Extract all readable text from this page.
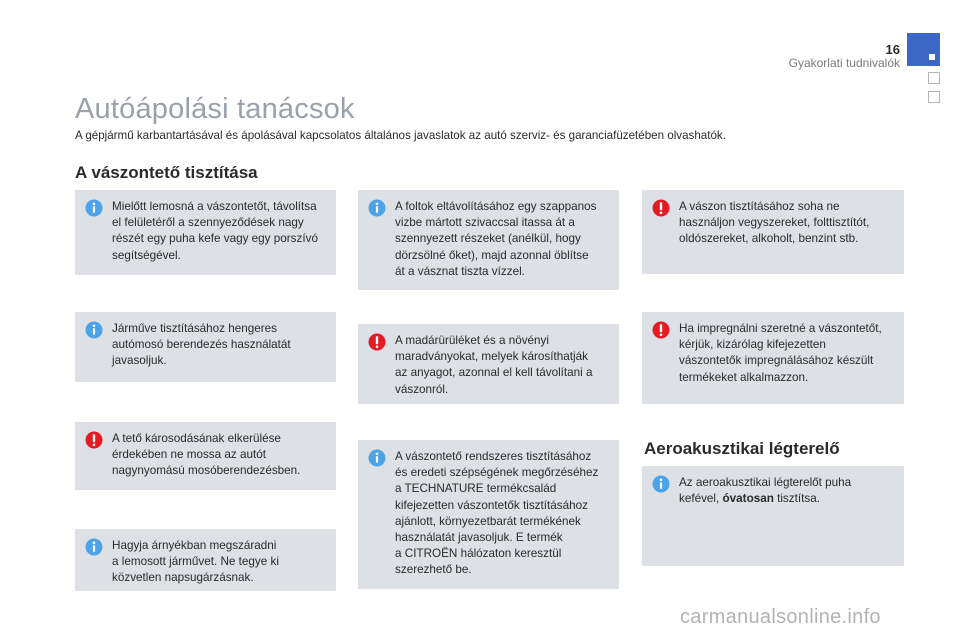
16
Gyakorlati tudnivalók
Autóápolási tanácsok
A gépjármű karbantartásával és ápolásával kapcsolatos általános javaslatok az autó szerviz- és garanciafüzetében olvashatók.
A vászontető tisztítása
Aeroakusztikai légterelő

Mielőtt lemosná a vászontetőt, távolítsa
el felületéről a szennyeződések nagy
részét egy puha kefe vagy egy porszívó
segítségével.

Járműve tisztításához hengeres
autómosó berendezés használatát
javasoljuk.

A tető károsodásának elkerülése
érdekében ne mossa az autót
nagynyomású mosóberendezésben.

Hagyja árnyékban megszáradni
a lemosott járművet. Ne tegye ki
közvetlen napsugárzásnak.

A foltok eltávolításához egy szappanos
vizbe mártott szivaccsal itassa át a
szennyezett részeket (anélkül, hogy
dörzsölné őket), majd azonnal öblítse
át a vásznat tiszta vízzel.

A madárürüléket és a növényi
maradványokat, melyek károsíthatják
az anyagot, azonnal el kell távolítani a
vászonról.

A vászontető rendszeres tisztításához
és eredeti szépségének megőrzéséhez
a TECHNATURE termékcsalád
kifejezetten vászontetők tisztításához
ajánlott, környezetbarát termékének
használatát javasoljuk. E termék
a CITROËN hálózaton keresztül
szerezhető be.

A vászon tisztításához soha ne
használjon vegyszereket, folttisztítót,
oldószereket, alkoholt, benzint stb.

Ha impregnálni szeretné a vászontetőt,
kérjük, kizárólag kifejezetten
vászontetők impregnálásához készült
termékeket alkalmazzon.

Az aeroakusztikai légterelőt puha
kefével, óvatosan tisztítsa.

carmanualsonline.info
